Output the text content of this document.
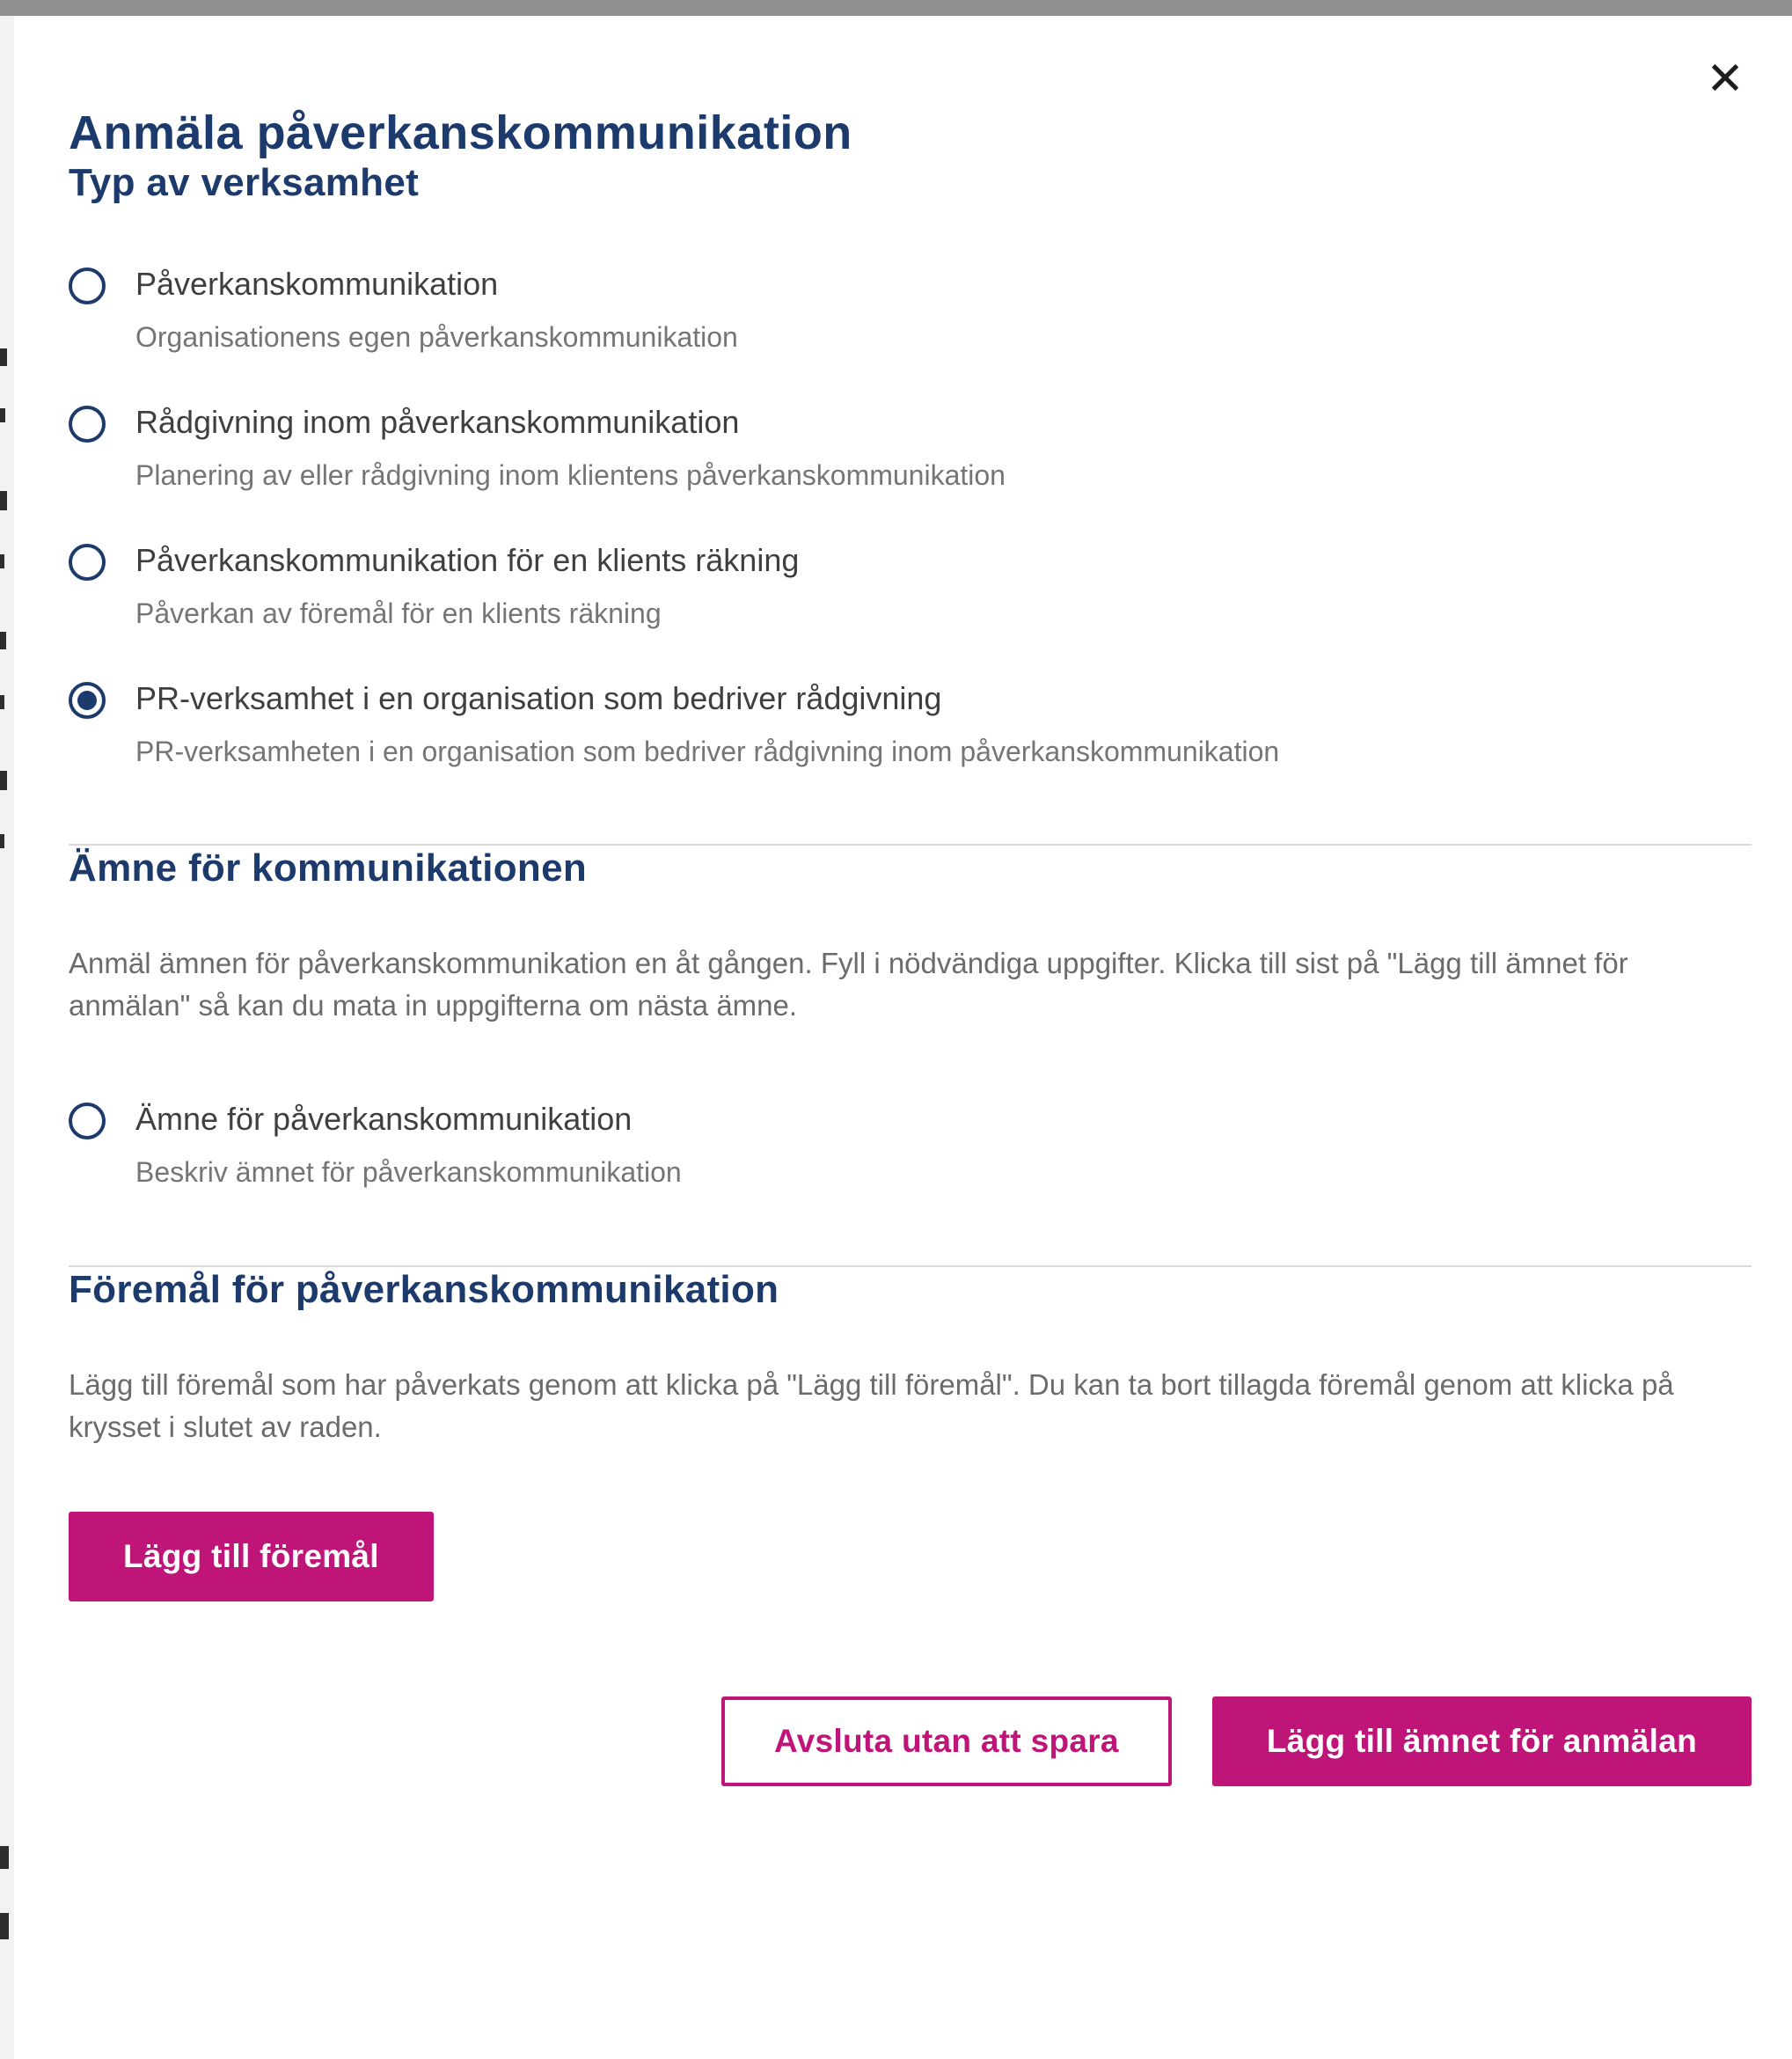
✕
Anmäla påverkanskommunikation
Typ av verksamhet
Påverkanskommunikation
Organisationens egen påverkanskommunikation
Rådgivning inom påverkanskommunikation
Planering av eller rådgivning inom klientens påverkanskommunikation
Påverkanskommunikation för en klients räkning
Påverkan av föremål för en klients räkning
PR-verksamhet i en organisation som bedriver rådgivning
PR-verksamheten i en organisation som bedriver rådgivning inom påverkanskommunikation
Ämne för kommunikationen

Anmäl ämnen för påverkanskommunikation en åt gången. Fyll i nödvändiga uppgifter. Klicka till sist på "Lägg till ämnet för anmälan" så kan du mata in uppgifterna om nästa ämne.

Ämne för påverkanskommunikation
Beskriv ämnet för påverkanskommunikation
Föremål för påverkanskommunikation

Lägg till föremål som har påverkats genom att klicka på "Lägg till föremål". Du kan ta bort tillagda föremål genom att klicka på krysset i slutet av raden.

Lägg till föremål
Avsluta utan att spara	Lägg till ämnet för anmälan
